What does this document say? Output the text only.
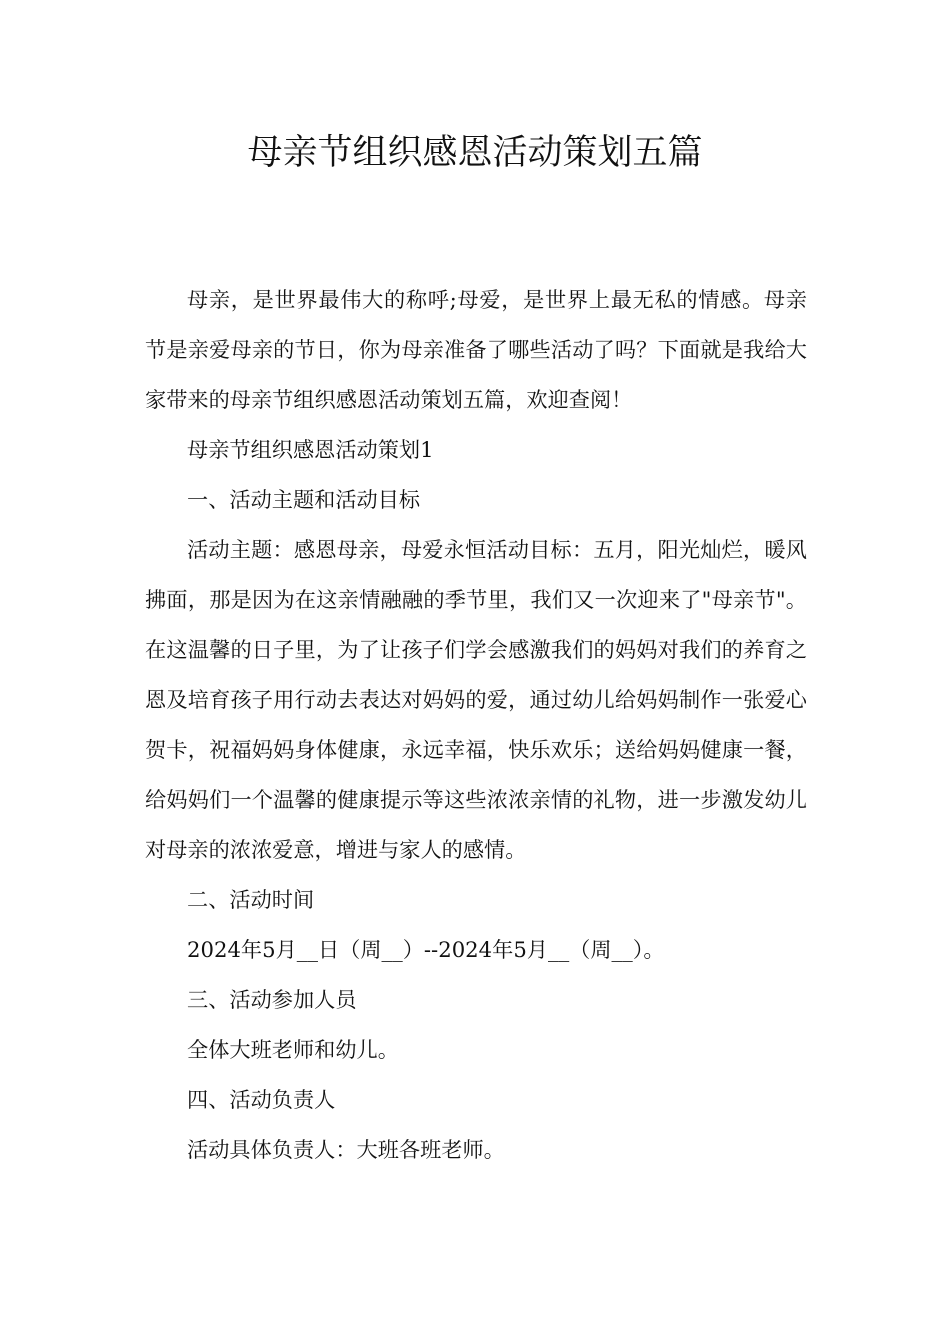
母亲节组织感恩活动策划五篇

母亲，是世界最伟大的称呼;母爱，是世界上最无私的情感。母亲节是亲爱母亲的节日，你为母亲准备了哪些活动了吗？下面就是我给大家带来的母亲节组织感恩活动策划五篇，欢迎查阅！

母亲节组织感恩活动策划1

一、活动主题和活动目标

活动主题：感恩母亲，母爱永恒活动目标：五月，阳光灿烂，暖风拂面，那是因为在这亲情融融的季节里，我们又一次迎来了"母亲节"。在这温馨的日子里，为了让孩子们学会感激我们的妈妈对我们的养育之恩及培育孩子用行动去表达对妈妈的爱，通过幼儿给妈妈制作一张爱心贺卡，祝福妈妈身体健康，永远幸福，快乐欢乐；送给妈妈健康一餐，给妈妈们一个温馨的健康提示等这些浓浓亲情的礼物，进一步激发幼儿对母亲的浓浓爱意，增进与家人的感情。

二、活动时间

2024年5月__日（周__）--2024年5月__（周__）。

三、活动参加人员

全体大班老师和幼儿。

四、活动负责人

活动具体负责人：大班各班老师。
